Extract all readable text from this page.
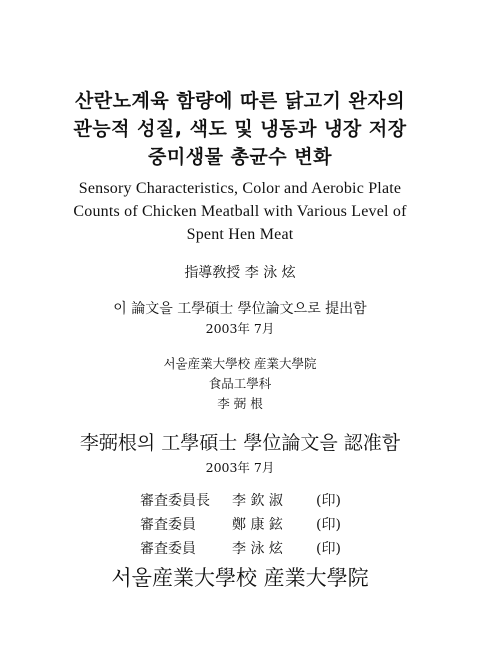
산란노계육 함량에 따른 닭고기 완자의
관능적 성질, 색도 및 냉동과 냉장 저장
중미생물 총균수 변화
Sensory Characteristics, Color and Aerobic Plate
Counts of Chicken Meatball with Various Level of
Spent Hen Meat
指導敎授 李 泳 炫
이 論文을 工學碩士 學位論文으로 提出함
2003年 7月
서울産業大學校 産業大學院
食品工學科
李 弼 根
李弼根의 工學碩士 學位論文을 認准함
2003年 7月
審査委員長 李 欽 淑 (印)
審査委員	鄭 康 鉉 (印)
審査委員	李 泳 炫 (印)
서울産業大學校 産業大學院
